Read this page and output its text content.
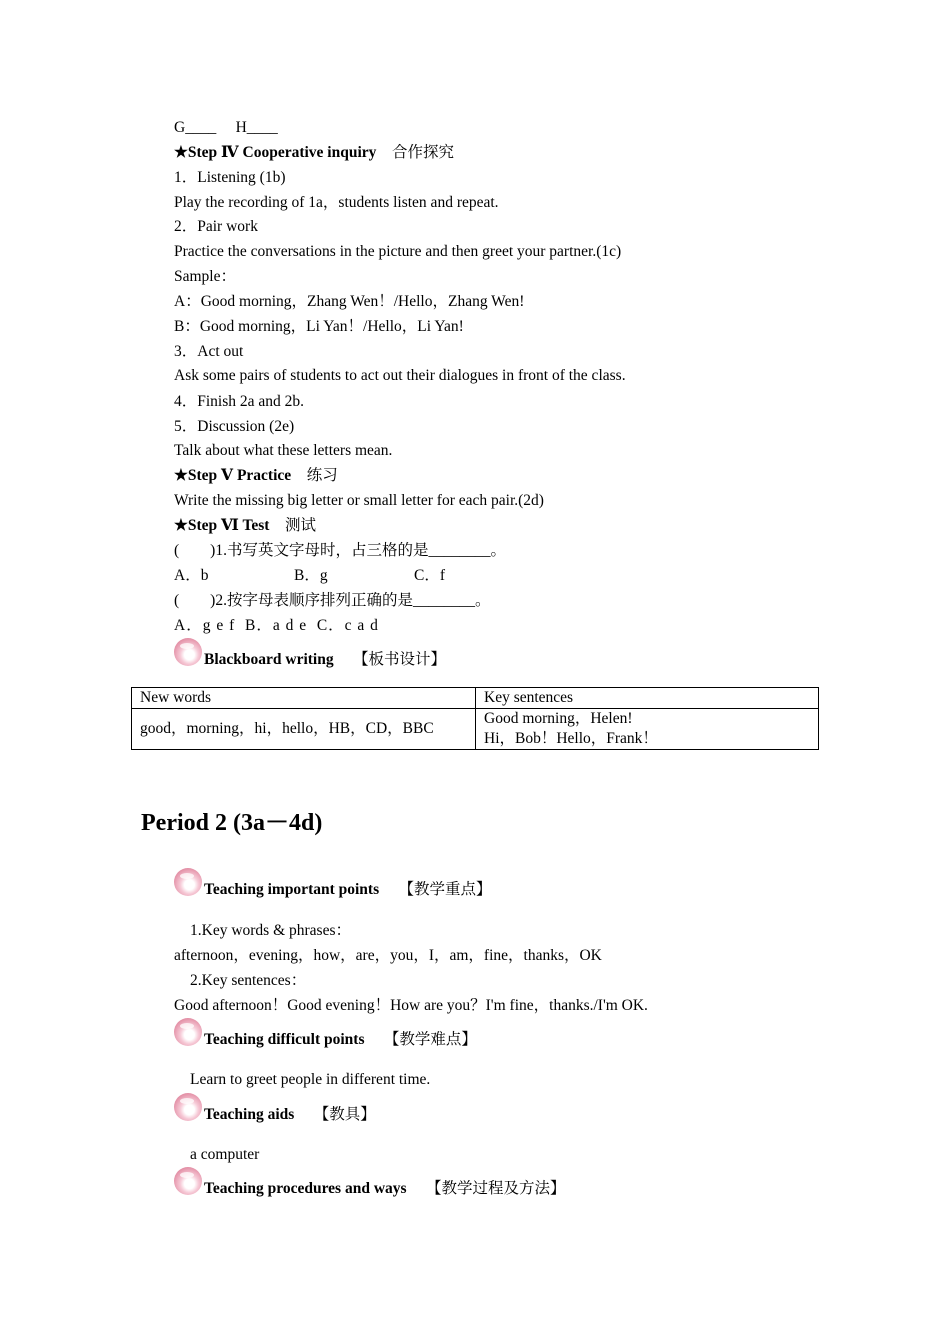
G____　 H____
★Step Ⅳ Cooperative inquiry　 合作探究
1．Listening (1b)
Play the recording of 1a，students listen and repeat.
2．Pair work
Practice the conversations in the picture and then greet your partner.(1c)
Sample：
A：Good morning，Zhang Wen！/Hello，Zhang Wen!
B：Good morning，Li Yan！/Hello，Li Yan!
3．Act out
Ask some pairs of students to act out their dialogues in front of the class.
4．Finish 2a and 2b.
5．Discussion (2e)
Talk about what these letters mean.
★Step Ⅴ Practice　 练习
Write the missing big letter or small letter for each pair.(2d)
★Step Ⅵ Test　 测试
(　　)1.书写英文字母时，占三格的是________。
A．b	B．g	C．f
(　　)2.按字母表顺序排列正确的是________。
A．g e f  B．a d e  C．c a d
Blackboard writing　 【板书设计】
New words	Key sentences
good，morning，hi，hello，HB，CD，BBC	Good morning，Helen!
Hi，Bob！Hello，Frank！
Period 2 (3a－4d)
Teaching important points　 【教学重点】
1.Key words & phrases：
afternoon，evening，how，are，you，I，am，fine，thanks，OK
2.Key sentences：
Good afternoon！Good evening！How are you？I'm fine，thanks./I'm OK.
Teaching difficult points　 【教学难点】
Learn to greet people in different time.
Teaching aids　 【教具】
a computer
Teaching procedures and ways　 【教学过程及方法】
